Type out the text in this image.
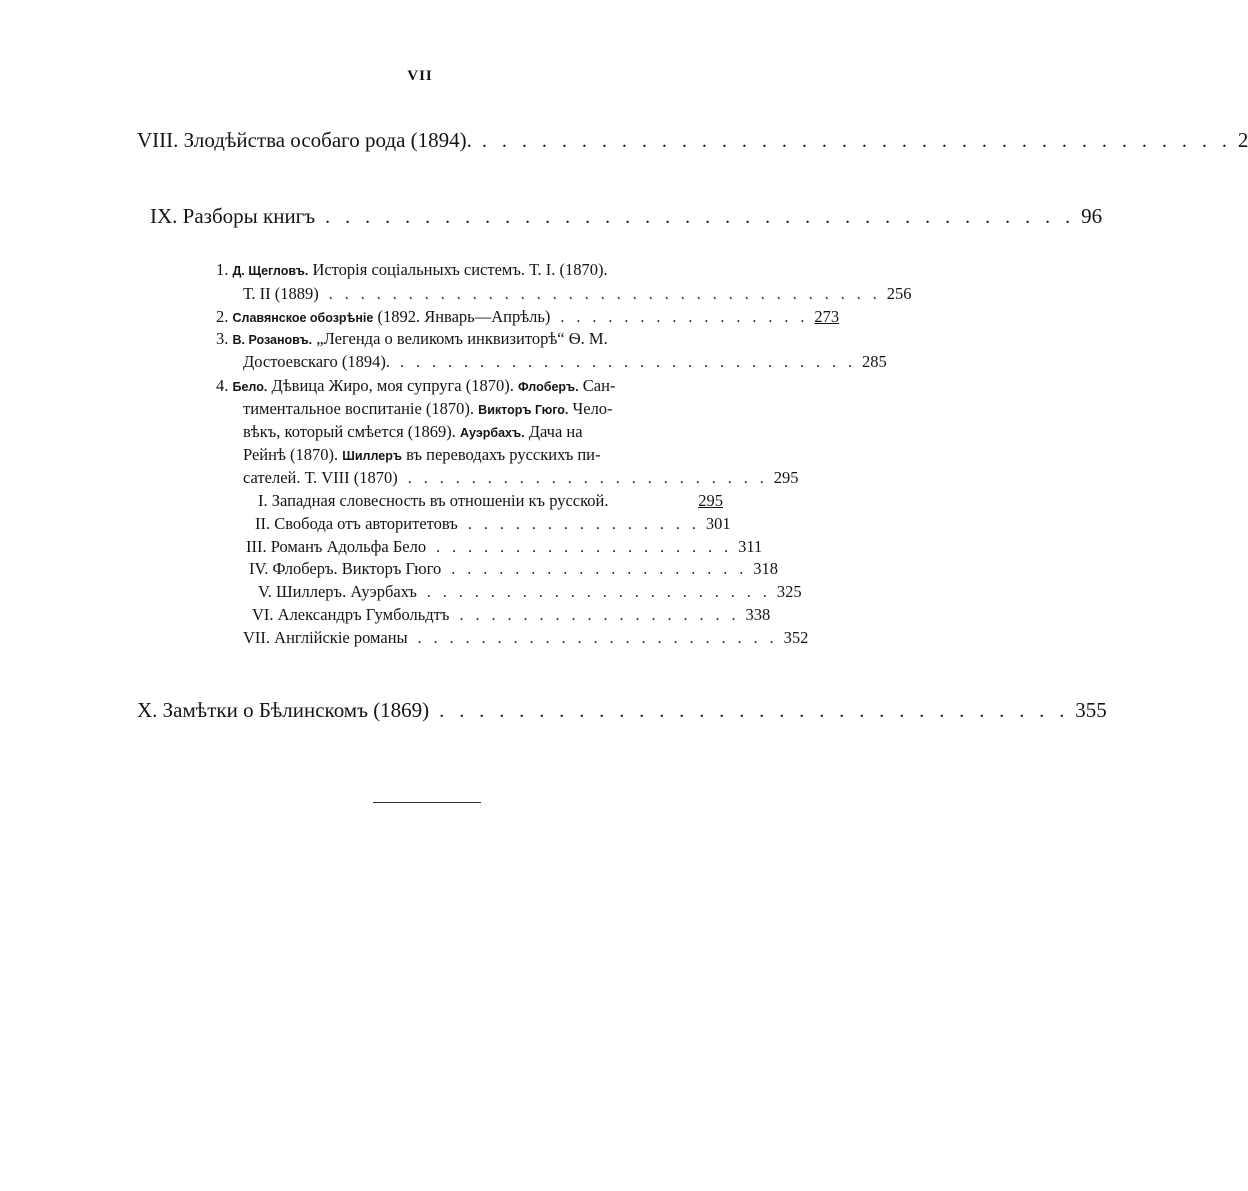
VII
VIII. Злодѣйства особаго рода (1894). . . . . . . . . . . . . . . . . . . . . . . . . . . . . . . . . . . . . . . 2
IX. Разборы книгъ . . . . . . . . . . . . . . . . . . . . . . . . . . . . . . . . . . . . . . 96
1. Д. Щегловъ. Исторія соціальныхъ системъ. Т. I. (1870).
Т. II (1889) . . . . . . . . . . . . . . . . . . . . . . . . . . . . . . . . . . . 256
2. Славянское обозрѣніе (1892. Январь—Апрѣль) . . . . . . . . . . . . . . . . 273
3. В. Розановъ. „Легенда о великомъ инквизиторѣ“ Ѳ. М.
Достоевскаго (1894). . . . . . . . . . . . . . . . . . . . . . . . . . . . . . 285
4. Бело. Дѣвица Жиро, моя супруга (1870). Флоберъ. Сан-
тиментальное воспитаніе (1870). Викторъ Гюго. Чело-
вѣкъ, который смѣется (1869). Ауэрбахъ. Дача на
Рейнѣ (1870). Шиллеръ въ переводахъ русскихъ пи-
сателей. Т. VIII (1870) . . . . . . . . . . . . . . . . . . . . . . . 295
I. Западная словесность въ отношеніи къ русской.	295
II. Свобода отъ авторитетовъ . . . . . . . . . . . . . . . 301
III. Романъ Адольфа Бело . . . . . . . . . . . . . . . . . . . 311
IV. Флоберъ. Викторъ Гюго . . . . . . . . . . . . . . . . . . . 318
V. Шиллеръ. Ауэрбахъ . . . . . . . . . . . . . . . . . . . . . . 325
VI. Александръ Гумбольдтъ . . . . . . . . . . . . . . . . . . 338
VII. Англійскіе романы . . . . . . . . . . . . . . . . . . . . . . . 352
X. Замѣтки о Бѣлинскомъ (1869) . . . . . . . . . . . . . . . . . . . . . . . . . . . . . . . . 355
